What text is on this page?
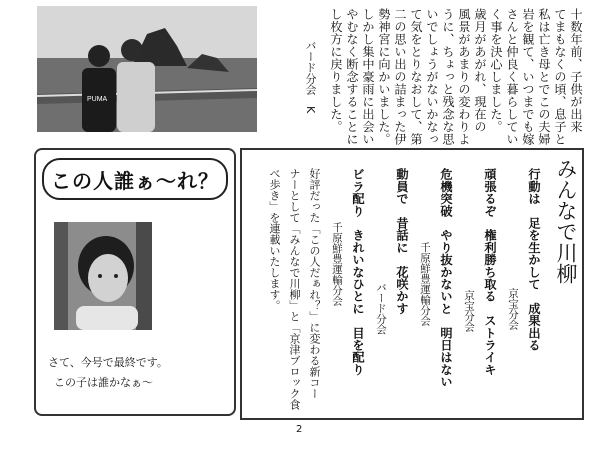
PUMA	十数年前、子供が出来
てまもなくの頃、息子と
私は亡き母とでこの夫婦
岩を観て、いつまでも嫁
さんと仲良く暮らしてい
く事を決心しました。
歳月があがれ、現在の
風景があまりの変わりよ
うに、ちょっと残念な思
いでしょうがないかなっ
て気をとりなおして、第
二の思い出の詰まった伊
勢神宮に向かいました。
しかし集中豪雨に出会い
やむなく断念することに
し枚方に戻りました。
バード分会
K
この人誰ぁ～れ？
さて、今号で最終です。
この子は誰かなぁ～
みんなで川柳
行動は　足を生かして　成果出る
京宝分会
頑張るぞ　権利勝ち取る　ストライキ
京宝分会
危機突破　やり抜かないと　明日はない
千原鮮豊運輸分会
動員で　昔話に　花咲かす
バード分会
ビラ配り　きれいなひとに　目を配り
千原鮮豊運輸分会
好評だった「この人だぁれ？」に変わる新コー
ナーとして「みんなで川柳」と「京津ブロック食
べ歩き」を連載いたします。
2
